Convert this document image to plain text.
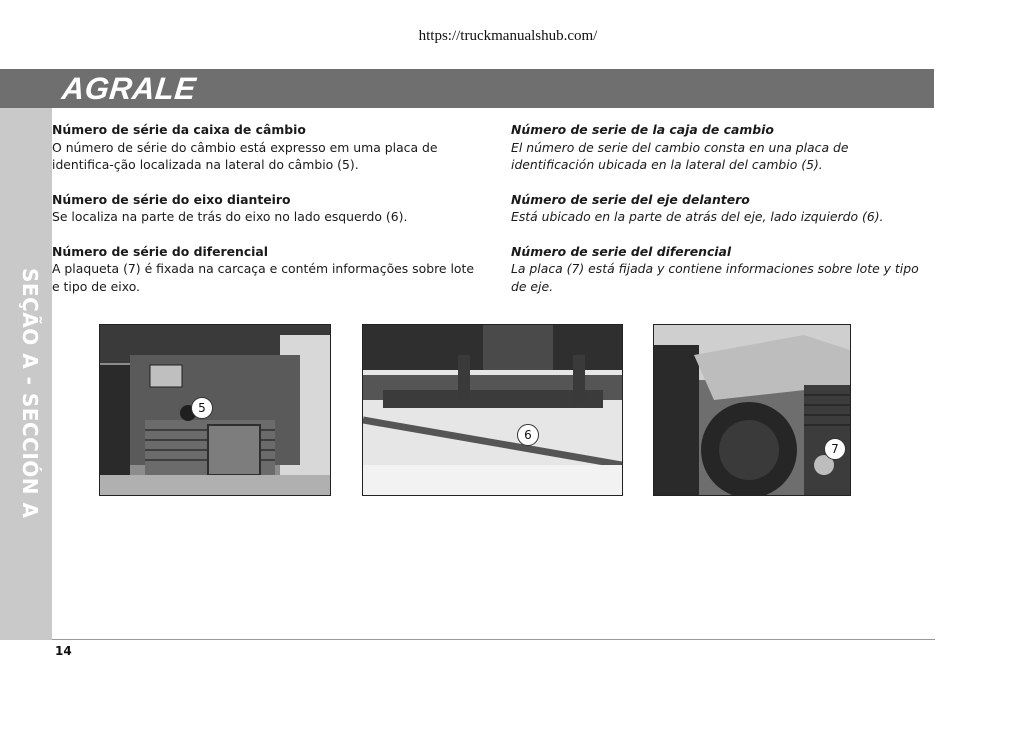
https://truckmanualshub.com/
AGRALE
SEÇÃO A - SECCIÓN A
Número de série da caixa de câmbio

O número de série do câmbio está expresso em uma placa de identifica-ção localizada na lateral do câmbio (5).

Número de série do eixo dianteiro

Se localiza na parte de trás do eixo no lado esquerdo (6).

Número de série do diferencial

A plaqueta (7) é fixada na carcaça e contém informações sobre lote e tipo de eixo.

Número de serie de la caja de cambio

El número de serie del cambio consta en una placa de identificación ubicada en la lateral del cambio (5).

Número de serie del eje delantero

Está ubicado en la parte de atrás del eje, lado izquierdo (6).

Número de serie del diferencial

La placa (7) está fijada y contiene informaciones sobre lote y tipo de eje.

5
6
7
14
